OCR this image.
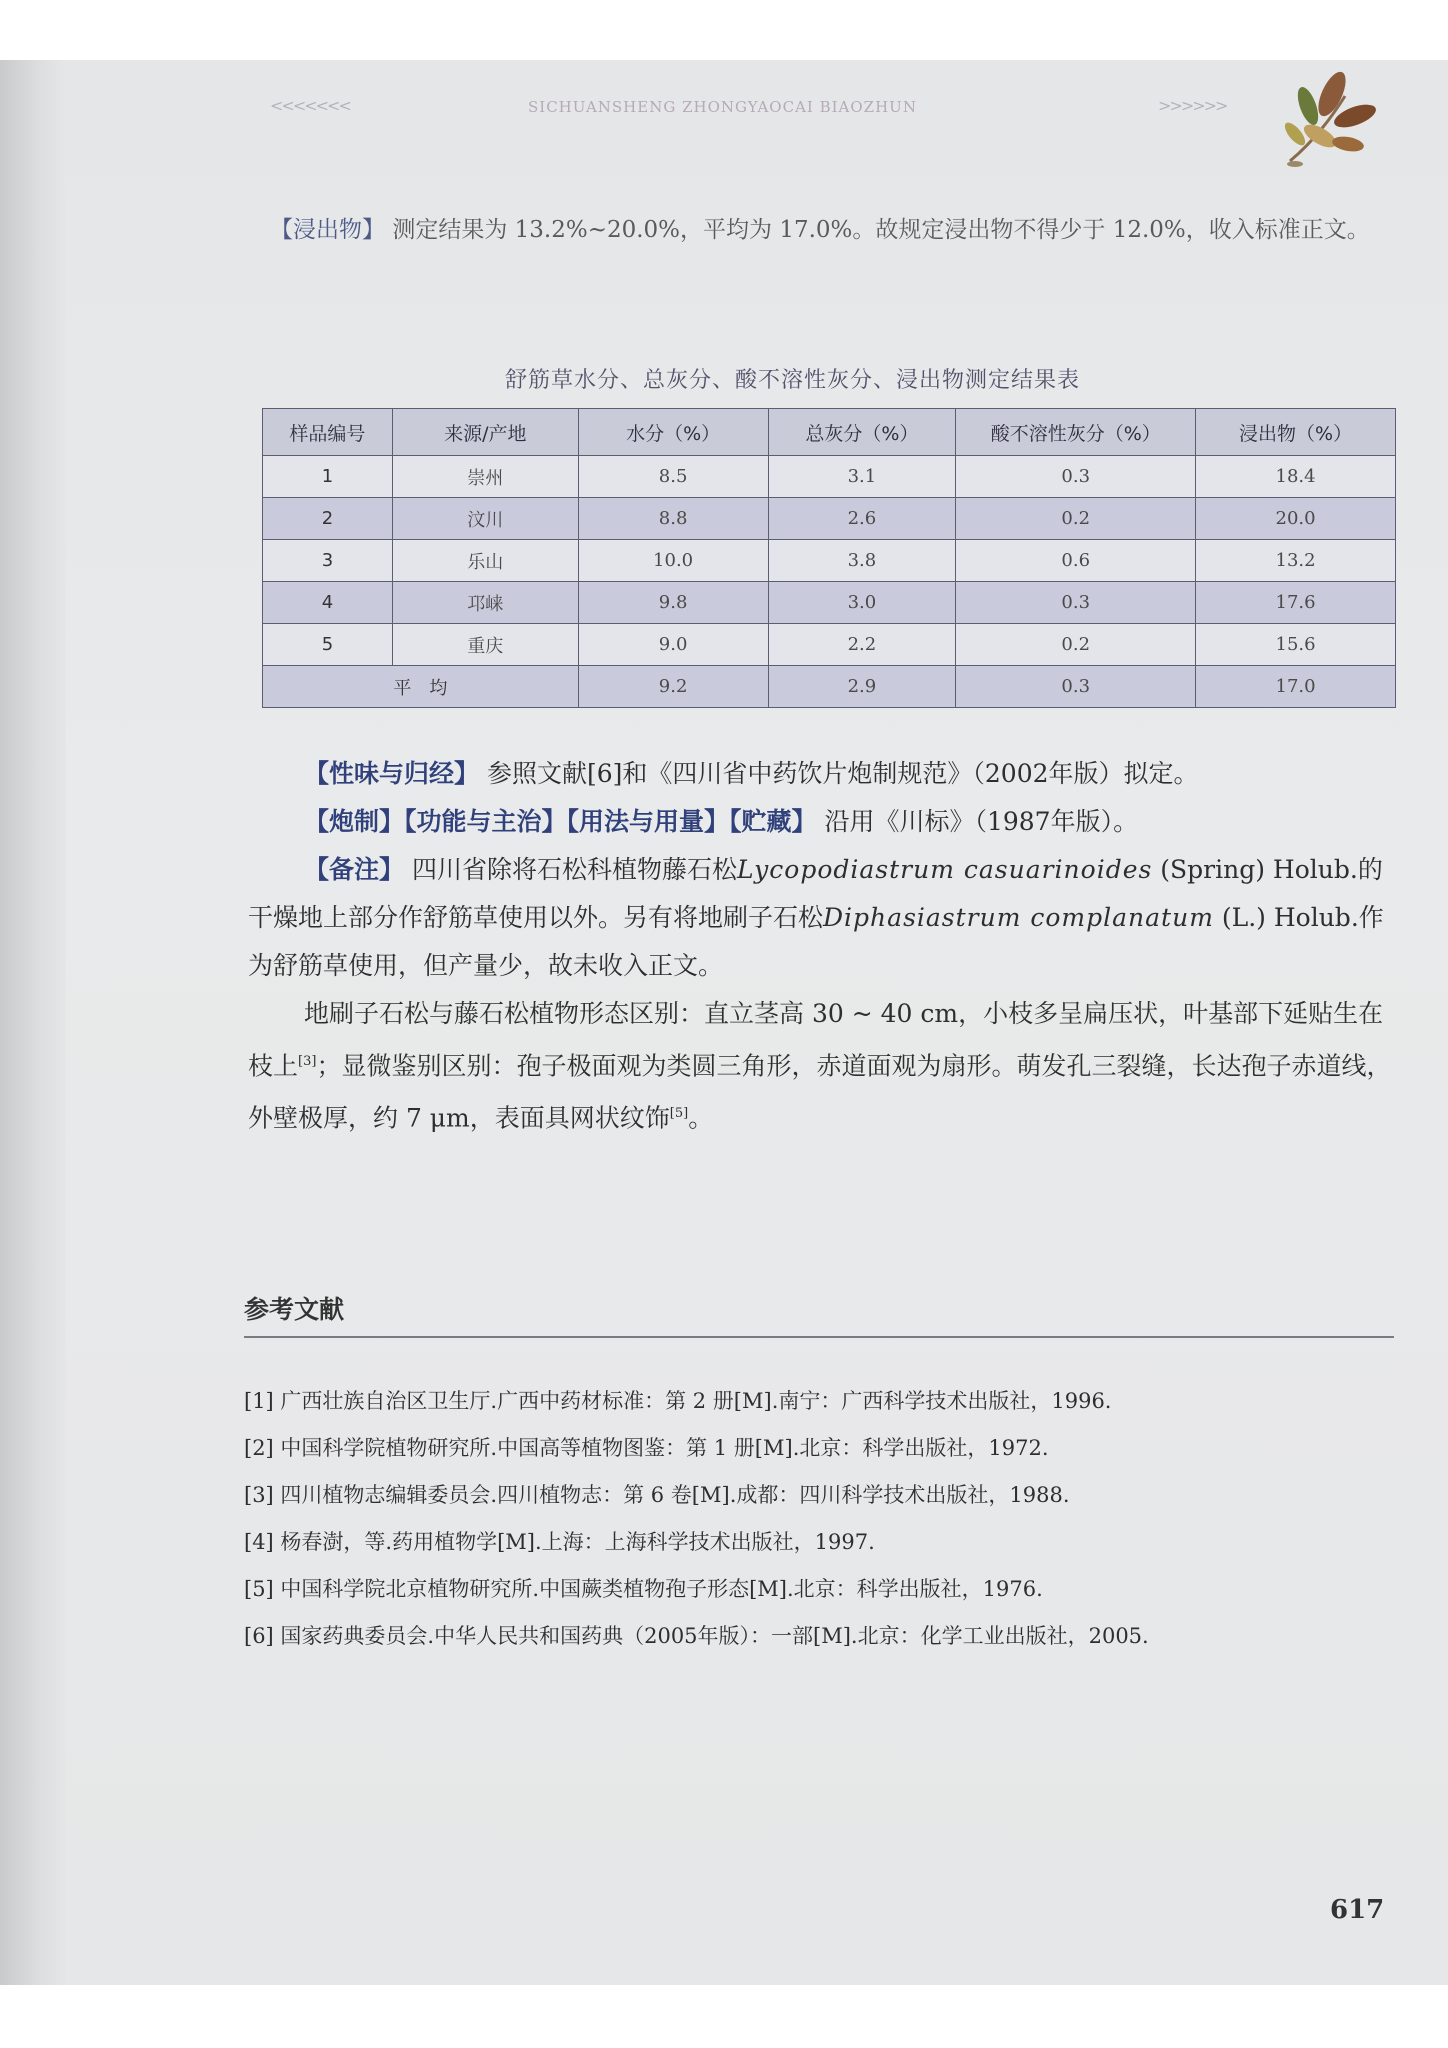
<<<<<<<	SICHUANSHENG ZHONGYAOCAI BIAOZHUN	>>>>>>
【浸出物】 测定结果为 13.2%~20.0%，平均为 17.0%。故规定浸出物不得少于 12.0%，收入标准正文。
舒筋草水分、总灰分、酸不溶性灰分、浸出物测定结果表
样品编号	来源/产地	水分（%）	总灰分（%）	酸不溶性灰分（%）	浸出物（%）
1	崇州	8.5	3.1	0.3	18.4
2	汶川	8.8	2.6	0.2	20.0
3	乐山	10.0	3.8	0.6	13.2
4	邛崃	9.8	3.0	0.3	17.6
5	重庆	9.0	2.2	0.2	15.6
平　均		9.2	2.9	0.3	17.0

【性味与归经】 参照文献[6]和《四川省中药饮片炮制规范》（2002年版）拟定。

【炮制】【功能与主治】【用法与用量】【贮藏】 沿用《川标》（1987年版）。

【备注】 四川省除将石松科植物藤石松Lycopodiastrum casuarinoides (Spring) Holub.的干燥地上部分作舒筋草使用以外。另有将地刷子石松Diphasiastrum complanatum (L.) Holub.作为舒筋草使用，但产量少，故未收入正文。

地刷子石松与藤石松植物形态区别：直立茎高 30 ~ 40 cm，小枝多呈扁压状，叶基部下延贴生在枝上[3]；显微鉴别区别：孢子极面观为类圆三角形，赤道面观为扇形。萌发孔三裂缝，长达孢子赤道线，外壁极厚，约 7 μm，表面具网状纹饰[5]。

参考文献
[1] 广西壮族自治区卫生厅.广西中药材标准：第 2 册[M].南宁：广西科学技术出版社，1996.
[2] 中国科学院植物研究所.中国高等植物图鉴：第 1 册[M].北京：科学出版社，1972.
[3] 四川植物志编辑委员会.四川植物志：第 6 卷[M].成都：四川科学技术出版社，1988.
[4] 杨春澍，等.药用植物学[M].上海：上海科学技术出版社，1997.
[5] 中国科学院北京植物研究所.中国蕨类植物孢子形态[M].北京：科学出版社，1976.
[6] 国家药典委员会.中华人民共和国药典（2005年版）：一部[M].北京：化学工业出版社，2005.
617
